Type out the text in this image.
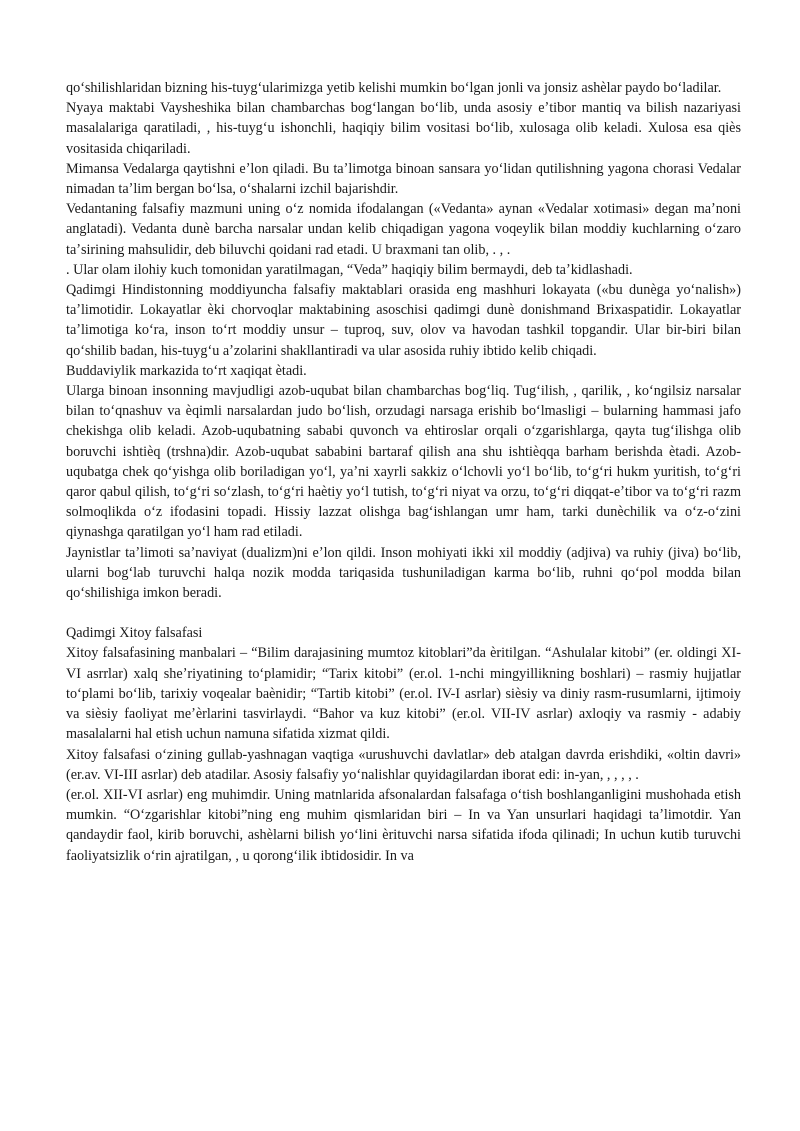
qoʻshilishlaridan bizning his-tuygʻularimizga yetib kelishi mumkin boʻlgan jonli va jonsiz ashèlar paydo boʻladilar.

Nyaya maktabi Vaysheshika bilan chambarchas bogʻlangan boʻlib, unda asosiy eʼtibor mantiq va bilish nazariyasi masalalariga qaratiladi, , his-tuygʻu ishonchli, haqiqiy bilim vositasi boʻlib, xulosaga olib keladi. Xulosa esa qiès vositasida chiqariladi.

Mimansa Vedalarga qaytishni eʼlon qiladi. Bu taʼlimotga binoan sansara yoʻlidan qutilishning yagona chorasi Vedalar nimadan taʼlim bergan boʻlsa, oʻshalarni izchil bajarishdir.

Vedantaning falsafiy mazmuni uning oʻz nomida ifodalangan («Vedanta» aynan «Vedalar xotimasi» degan maʼnoni anglatadi). Vedanta dunè barcha narsalar undan kelib chiqadigan yagona voqeylik bilan moddiy kuchlarning oʻzaro taʼsirining mahsulidir, deb biluvchi qoidani rad etadi. U braxmani tan olib, . , .

. Ular olam ilohiy kuch tomonidan yaratilmagan, “Veda” haqiqiy bilim bermaydi, deb taʼkidlashadi.

Qadimgi Hindistonning moddiyuncha falsafiy maktablari orasida eng mashhuri lokayata («bu dunèga yoʻnalish») taʼlimotidir. Lokayatlar èki chorvoqlar maktabining asoschisi qadimgi dunè donishmand Brixaspatidir. Lokayatlar taʼlimotiga koʻra, inson toʻrt moddiy unsur – tuproq, suv, olov va havodan tashkil topgandir. Ular bir-biri bilan qoʻshilib badan, his-tuygʻu aʼzolarini shakllantiradi va ular asosida ruhiy ibtido kelib chiqadi.

Buddaviylik markazida toʻrt xaqiqat ètadi.

Ularga binoan insonning mavjudligi azob-uqubat bilan chambarchas bogʻliq. Tugʻilish, , qarilik, , koʻngilsiz narsalar bilan toʻqnashuv va èqimli narsalardan judo boʻlish, orzudagi narsaga erishib boʻlmasligi – bularning hammasi jafo chekishga olib keladi. Azob-uqubatning sababi quvonch va ehtiroslar orqali oʻzgarishlarga, qayta tugʻilishga olib boruvchi ishtièq (trshna)dir. Azob-uqubat sababini bartaraf qilish ana shu ishtièqqa barham berishda ètadi. Azob-uqubatga chek qoʻyishga olib boriladigan yoʻl, yaʼni xayrli sakkiz oʻlchovli yoʻl boʻlib, toʻgʻri hukm yuritish, toʻgʻri qaror qabul qilish, toʻgʻri soʻzlash, toʻgʻri haètiy yoʻl tutish, toʻgʻri niyat va orzu, toʻgʻri diqqat-eʼtibor va toʻgʻri razm solmoqlikda oʻz ifodasini topadi. Hissiy lazzat olishga bagʻishlangan umr ham, tarki dunèchilik va oʻz-oʻzini qiynashga qaratilgan yoʻl ham rad etiladi.

Jaynistlar taʼlimoti saʼnaviyat (dualizm)ni eʼlon qildi. Inson mohiyati ikki xil moddiy (adjiva) va ruhiy (jiva) boʻlib, ularni bogʻlab turuvchi halqa nozik modda tariqasida tushuniladigan karma boʻlib, ruhni qoʻpol modda bilan qoʻshilishiga imkon beradi.

Qadimgi Xitoy falsafasi

Xitoy falsafasining manbalari – “Bilim darajasining mumtoz kitoblari”da èritilgan. “Ashulalar kitobi” (er. oldingi XI-VI asrrlar) xalq sheʼriyatining toʻplamidir; “Tarix kitobi” (er.ol. 1-nchi mingyillikning boshlari) – rasmiy hujjatlar toʻplami boʻlib, tarixiy voqealar baènidir; “Tartib kitobi” (er.ol. IV-I asrlar) sièsiy va diniy rasm-rusumlarni, ijtimoiy va sièsiy faoliyat meʼèrlarini tasvirlaydi. “Bahor va kuz kitobi” (er.ol. VII-IV asrlar) axloqiy va rasmiy - adabiy masalalarni hal etish uchun namuna sifatida xizmat qildi.

Xitoy falsafasi oʻzining gullab-yashnagan vaqtiga «urushuvchi davlatlar» deb atalgan davrda erishdiki, «oltin davri» (er.av. VI-III asrlar) deb atadilar. Asosiy falsafiy yoʻnalishlar quyidagilardan iborat edi: in-yan, , , , , .

(er.ol. XII-VI asrlar) eng muhimdir. Uning matnlarida afsonalardan falsafaga oʻtish boshlanganligini mushohada etish mumkin. “Oʻzgarishlar kitobi”ning eng muhim qismlaridan biri – In va Yan unsurlari haqidagi taʼlimotdir. Yan qandaydir faol, kirib boruvchi, ashèlarni bilish yoʻlini èrituvchi narsa sifatida ifoda qilinadi; In uchun kutib turuvchi faoliyatsizlik oʻrin ajratilgan, , u qorongʻilik ibtidosidir. In va
